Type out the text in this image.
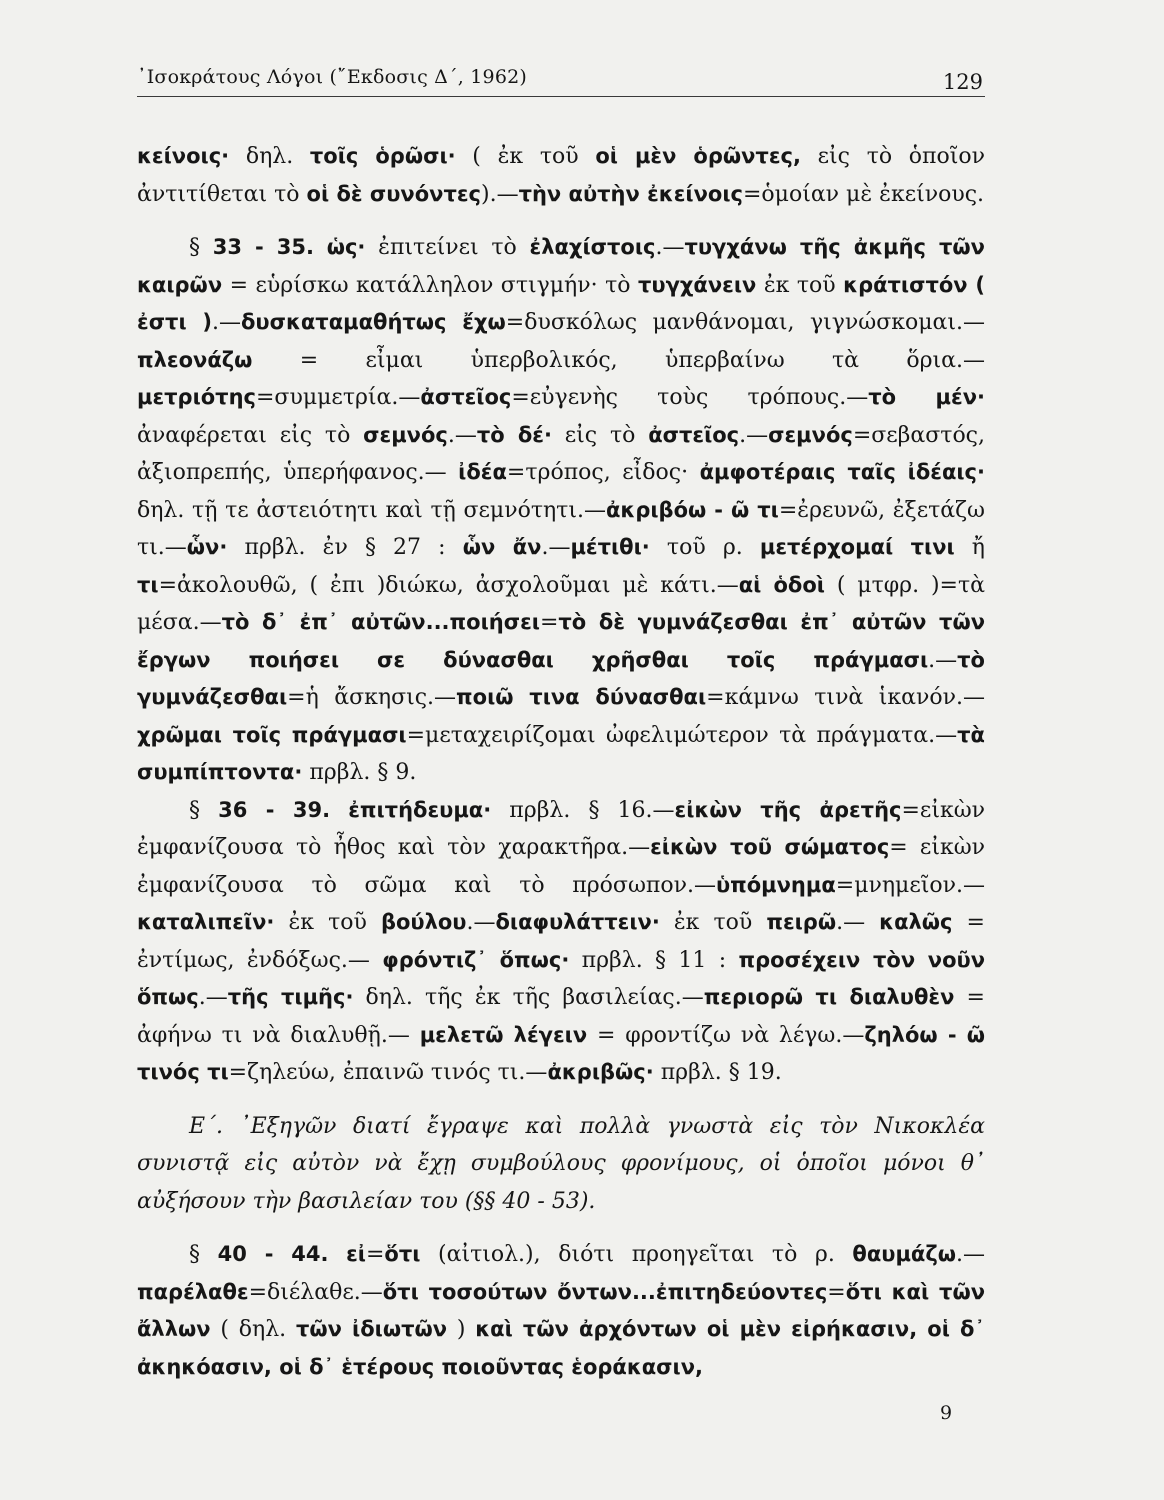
᾿Ισοκράτους Λόγοι (῎Εκδοσις Δ΄, 1962)	129

κείνοις· δηλ. τοῖς ὁρῶσι· ( ἐκ τοῦ οἱ μὲν ὁρῶντες, εἰς τὸ ὁποῖον ἀντιτίθεται τὸ οἱ δὲ συνόντες).—τὴν αὐτὴν ἐκείνοις=ὁμοίαν μὲ ἐκείνους.

§ 33 - 35. ὡς· ἐπιτείνει τὸ ἐλαχίστοις.—τυγχάνω τῆς ἀκμῆς τῶν καιρῶν = εὑρίσκω κατάλληλον στιγμήν· τὸ τυγχάνειν ἐκ τοῦ κράτιστόν ( ἐστι ).—δυσκαταμαθήτως ἔχω=δυσκόλως μανθάνομαι, γιγνώσκομαι.—πλεονάζω = εἶμαι ὑπερβολικός, ὑπερβαίνω τὰ ὅρια.—μετριότης=συμμετρία.—ἀστεῖος=εὐγενὴς τοὺς τρόπους.—τὸ μέν· ἀναφέρεται εἰς τὸ σεμνός.—τὸ δέ· εἰς τὸ ἀστεῖος.—σεμνός=σεβαστός, ἀξιοπρεπής, ὑπερήφανος.— ἰδέα=τρόπος, εἶδος· ἀμφοτέραις ταῖς ἰδέαις· δηλ. τῇ τε ἀστειότητι καὶ τῇ σεμνότητι.—ἀκριβόω - ῶ τι=ἐρευνῶ, ἐξετάζω τι.—ὧν· πρβλ. ἐν § 27 : ὧν ἄν.—μέτιθι· τοῦ ρ. μετέρχομαί τινι ἤ τι=ἀκολουθῶ, ( ἐπι )διώκω, ἀσχολοῦμαι μὲ κάτι.—αἱ ὁδοὶ ( μτφρ. )=τὰ μέσα.—τὸ δ᾿ ἐπ᾿ αὐτῶν...ποιήσει=τὸ δὲ γυμνάζεσθαι ἐπ᾿ αὐτῶν τῶν ἔργων ποιήσει σε δύνασθαι χρῆσθαι τοῖς πράγμασι.—τὸ γυμνάζεσθαι=ἡ ἄσκησις.—ποιῶ τινα δύνασθαι=κάμνω τινὰ ἱκανόν.—χρῶμαι τοῖς πράγμασι=μεταχειρίζομαι ὠφελιμώτερον τὰ πράγματα.—τὰ συμπίπτοντα· πρβλ. § 9.

§ 36 - 39. ἐπιτήδευμα· πρβλ. § 16.—εἰκὼν τῆς ἀρετῆς=εἰκὼν ἐμφανίζουσα τὸ ἦθος καὶ τὸν χαρακτῆρα.—εἰκὼν τοῦ σώματος= εἰκὼν ἐμφανίζουσα τὸ σῶμα καὶ τὸ πρόσωπον.—ὑπόμνημα=μνημεῖον.—καταλιπεῖν· ἐκ τοῦ βούλου.—διαφυλάττειν· ἐκ τοῦ πειρῶ.— καλῶς = ἐντίμως, ἐνδόξως.— φρόντιζ᾿ ὅπως· πρβλ. § 11 : προσέχειν τὸν νοῦν ὅπως.—τῆς τιμῆς· δηλ. τῆς ἐκ τῆς βασιλείας.—περιορῶ τι διαλυθὲν = ἀφήνω τι νὰ διαλυθῇ.— μελετῶ λέγειν = φροντίζω νὰ λέγω.—ζηλόω - ῶ τινός τι=ζηλεύω, ἐπαινῶ τινός τι.—ἀκριβῶς· πρβλ. § 19.

Ε΄. ᾿Εξηγῶν διατί ἔγραψε καὶ πολλὰ γνωστὰ εἰς τὸν Νικοκλέα συνιστᾷ εἰς αὐτὸν νὰ ἔχῃ συμβούλους φρονίμους, οἱ ὁποῖοι μόνοι θ᾿ αὐξήσουν τὴν βασιλείαν του (§§ 40 - 53).

§ 40 - 44. εἰ=ὅτι (αἰτιολ.), διότι προηγεῖται τὸ ρ. θαυμάζω.—παρέλαθε=διέλαθε.—ὅτι τοσούτων ὄντων...ἐπιτηδεύοντες=ὅτι καὶ τῶν ἄλλων ( δηλ. τῶν ἰδιωτῶν ) καὶ τῶν ἀρχόντων οἱ μὲν εἰρήκασιν, οἱ δ᾿ ἀκηκόασιν, οἱ δ᾿ ἑτέρους ποιοῦντας ἑοράκασιν,

9
